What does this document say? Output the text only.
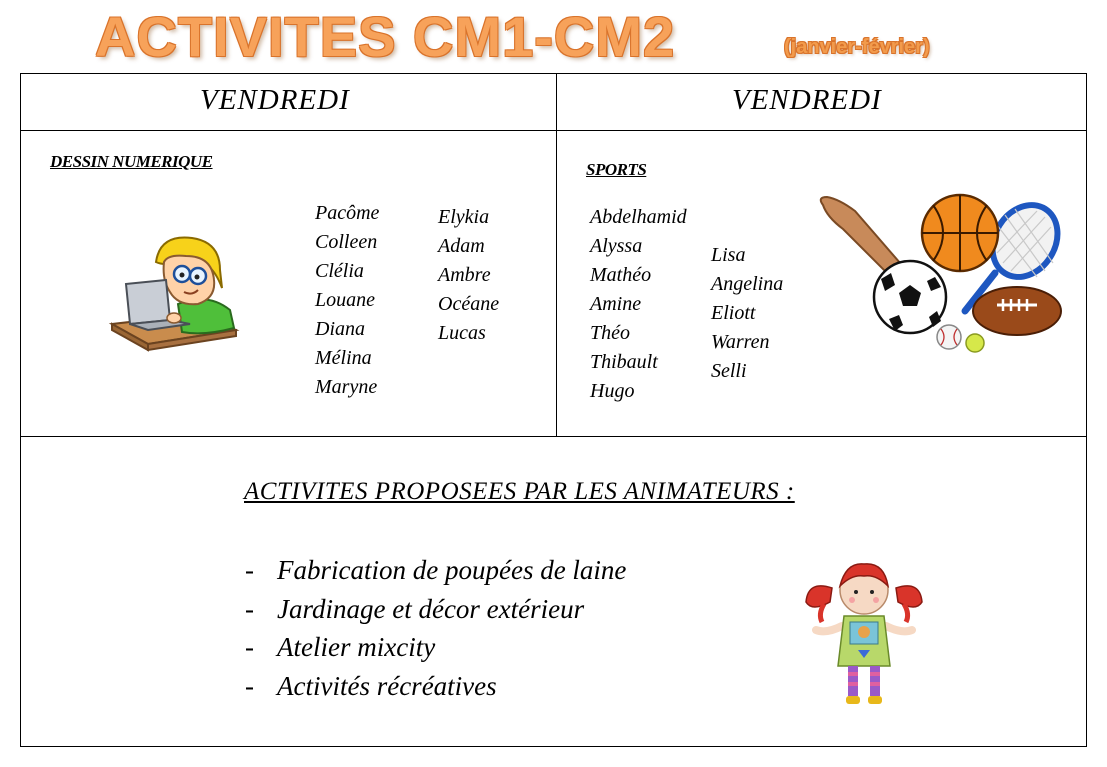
ACTIVITES CM1-CM2	(janvier-février)
VENDREDI
DESSIN NUMERIQUE
Pacôme
Colleen
Clélia
Louane
Diana
Mélina
Maryne
Elykia
Adam
Ambre
Océane
Lucas
VENDREDI
SPORTS
Abdelhamid
Alyssa
Mathéo
Amine
Théo
Thibault
Hugo
Lisa
Angelina
Eliott
Warren
Selli
ACTIVITES PROPOSEES PAR LES ANIMATEURS :
- Fabrication de poupées de laine
- Jardinage et décor extérieur
- Atelier mixcity
- Activités récréatives
